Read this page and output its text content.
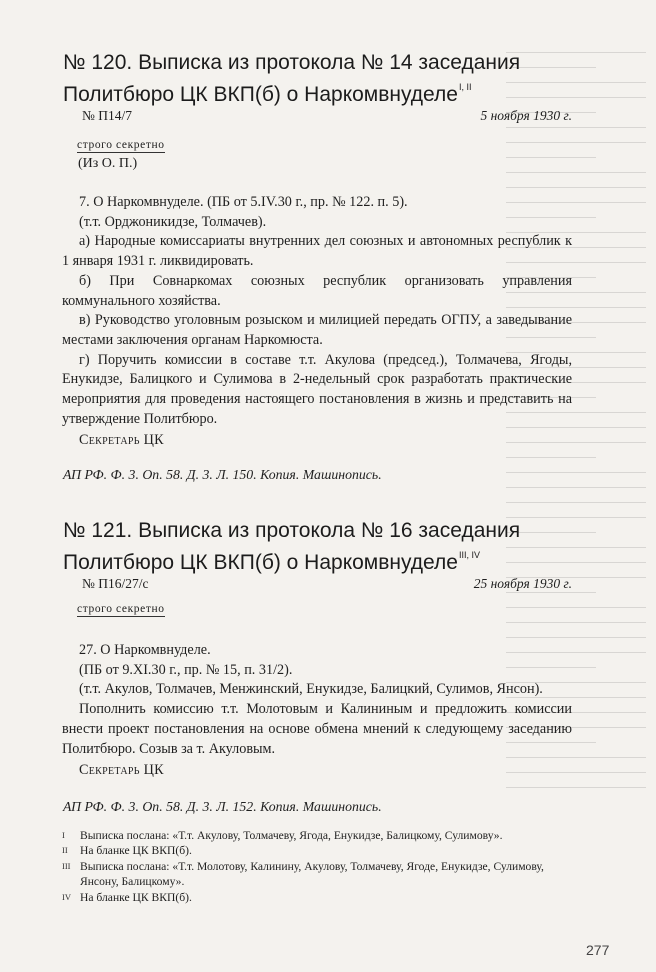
№ 120. Выписка из протокола № 14 заседания Политбюро ЦК ВКП(б) о Наркомвнуделе$^{I, II}$
№ П14/7	5 ноября 1930 г.
строго секретно
(Из О. П.)

7. О Наркомвнуделе. (ПБ от 5.IV.30 г., пр. № 122. п. 5).

(т.т. Орджоникидзе, Толмачев).

а) Народные комиссариаты внутренних дел союзных и автономных республик к 1 января 1931 г. ликвидировать.

б) При Совнаркомах союзных республик организовать управления коммунального хозяйства.

в) Руководство уголовным розыском и милицией передать ОГПУ, а заведывание местами заключения органам Наркомюста.

г) Поручить комиссии в составе т.т. Акулова (председ.), Толмачева, Ягоды, Енукидзе, Балицкого и Сулимова в 2-недельный срок разработать практические мероприятия для проведения настоящего постановления в жизнь и представить на утверждение Политбюро.

Секретарь ЦК

АП РФ. Ф. 3. Оп. 58. Д. 3. Л. 150. Копия. Машинопись.
№ 121. Выписка из протокола № 16 заседания Политбюро ЦК ВКП(б) о Наркомвнуделе$^{III, IV}$
№ П16/27/с	25 ноября 1930 г.
строго секретно

27. О Наркомвнуделе.

(ПБ от 9.XI.30 г., пр. № 15, п. 31/2).

(т.т. Акулов, Толмачев, Менжинский, Енукидзе, Балицкий, Сулимов, Янсон).

Пополнить комиссию т.т. Молотовым и Калининым и предложить комиссии внести проект постановления на основе обмена мнений к следующему заседанию Политбюро. Созыв за т. Акуловым.

Секретарь ЦК

АП РФ. Ф. 3. Оп. 58. Д. 3. Л. 152. Копия. Машинопись.
I	Выписка послана: «Т.т. Акулову, Толмачеву, Ягода, Енукидзе, Балицкому, Сулимову».
II	На бланке ЦК ВКП(б).
III Выписка послана: «Т.т. Молотову, Калинину, Акулову, Толмачеву, Ягоде, Енукидзе, Сулимову, Янсону, Балицкому».
IV На бланке ЦК ВКП(б).
277
